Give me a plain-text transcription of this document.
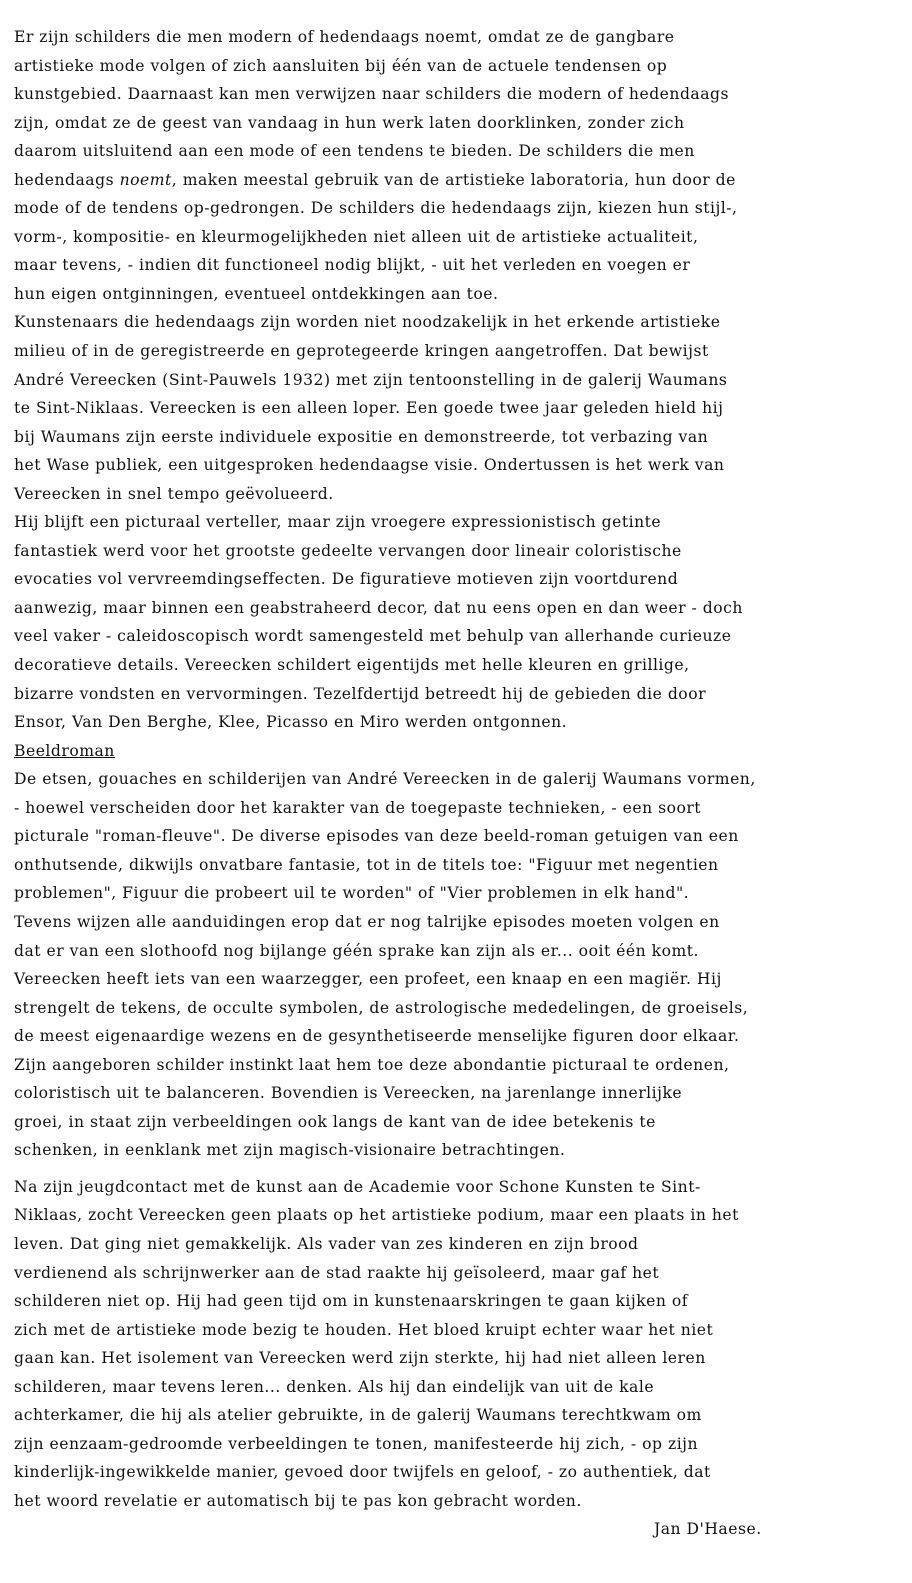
Er zijn schilders die men modern of hedendaags noemt, omdat ze de gangbare
artistieke mode volgen of zich aansluiten bij één van de actuele tendensen op
kunstgebied. Daarnaast kan men verwijzen naar schilders die modern of hedendaags
zijn, omdat ze de geest van vandaag in hun werk laten doorklinken, zonder zich
daarom uitsluitend aan een mode of een tendens te bieden. De schilders die men
hedendaags noemt, maken meestal gebruik van de artistieke laboratoria, hun door de
mode of de tendens op-gedrongen. De schilders die hedendaags zijn, kiezen hun stijl-,
vorm-, kompositie- en kleurmogelijkheden niet alleen uit de artistieke actualiteit,
maar tevens, - indien dit functioneel nodig blijkt, - uit het verleden en voegen er
hun eigen ontginningen, eventueel ontdekkingen aan toe.
Kunstenaars die hedendaags zijn worden niet noodzakelijk in het erkende artistieke
milieu of in de geregistreerde en geprotegeerde kringen aangetroffen. Dat bewijst
André Vereecken (Sint-Pauwels 1932) met zijn tentoonstelling in de galerij Waumans
te Sint-Niklaas. Vereecken is een alleen loper. Een goede twee jaar geleden hield hij
bij Waumans zijn eerste individuele expositie en demonstreerde, tot verbazing van
het Wase publiek, een uitgesproken hedendaagse visie. Ondertussen is het werk van
Vereecken in snel tempo geëvolueerd.
Hij blijft een picturaal verteller, maar zijn vroegere expressionistisch getinte
fantastiek werd voor het grootste gedeelte vervangen door lineair coloristische
evocaties vol vervreemdingseffecten. De figuratieve motieven zijn voortdurend
aanwezig, maar binnen een geabstraheerd decor, dat nu eens open en dan weer - doch
veel vaker - caleidoscopisch wordt samengesteld met behulp van allerhande curieuze
decoratieve details. Vereecken schildert eigentijds met helle kleuren en grillige,
bizarre vondsten en vervormingen. Tezelfdertijd betreedt hij de gebieden die door
Ensor, Van Den Berghe, Klee, Picasso en Miro werden ontgonnen.
Beeldroman
De etsen, gouaches en schilderijen van André Vereecken in de galerij Waumans vormen,
- hoewel verscheiden door het karakter van de toegepaste technieken, - een soort
picturale "roman-fleuve". De diverse episodes van deze beeld-roman getuigen van een
onthutsende, dikwijls onvatbare fantasie, tot in de titels toe: "Figuur met negentien
problemen", Figuur die probeert uil te worden" of "Vier problemen in elk hand".
Tevens wijzen alle aanduidingen erop dat er nog talrijke episodes moeten volgen en
dat er van een slothoofd nog bijlange géén sprake kan zijn als er... ooit één komt.
Vereecken heeft iets van een waarzegger, een profeet, een knaap en een magiër. Hij
strengelt de tekens, de occulte symbolen, de astrologische mededelingen, de groeisels,
de meest eigenaardige wezens en de gesynthetiseerde menselijke figuren door elkaar.
Zijn aangeboren schilder instinkt laat hem toe deze abondantie picturaal te ordenen,
coloristisch uit te balanceren. Bovendien is Vereecken, na jarenlange innerlijke
groei, in staat zijn verbeeldingen ook langs de kant van de idee betekenis te
schenken, in eenklank met zijn magisch-visionaire betrachtingen.
Na zijn jeugdcontact met de kunst aan de Academie voor Schone Kunsten te Sint-
Niklaas, zocht Vereecken geen plaats op het artistieke podium, maar een plaats in het
leven. Dat ging niet gemakkelijk. Als vader van zes kinderen en zijn brood
verdienend als schrijnwerker aan de stad raakte hij geïsoleerd, maar gaf het
schilderen niet op. Hij had geen tijd om in kunstenaarskringen te gaan kijken of
zich met de artistieke mode bezig te houden. Het bloed kruipt echter waar het niet
gaan kan. Het isolement van Vereecken werd zijn sterkte, hij had niet alleen leren
schilderen, maar tevens leren... denken. Als hij dan eindelijk van uit de kale
achterkamer, die hij als atelier gebruikte, in de galerij Waumans terechtkwam om
zijn eenzaam-gedroomde verbeeldingen te tonen, manifesteerde hij zich, - op zijn
kinderlijk-ingewikkelde manier, gevoed door twijfels en geloof, - zo authentiek, dat
het woord revelatie er automatisch bij te pas kon gebracht worden.
Jan D'Haese.
